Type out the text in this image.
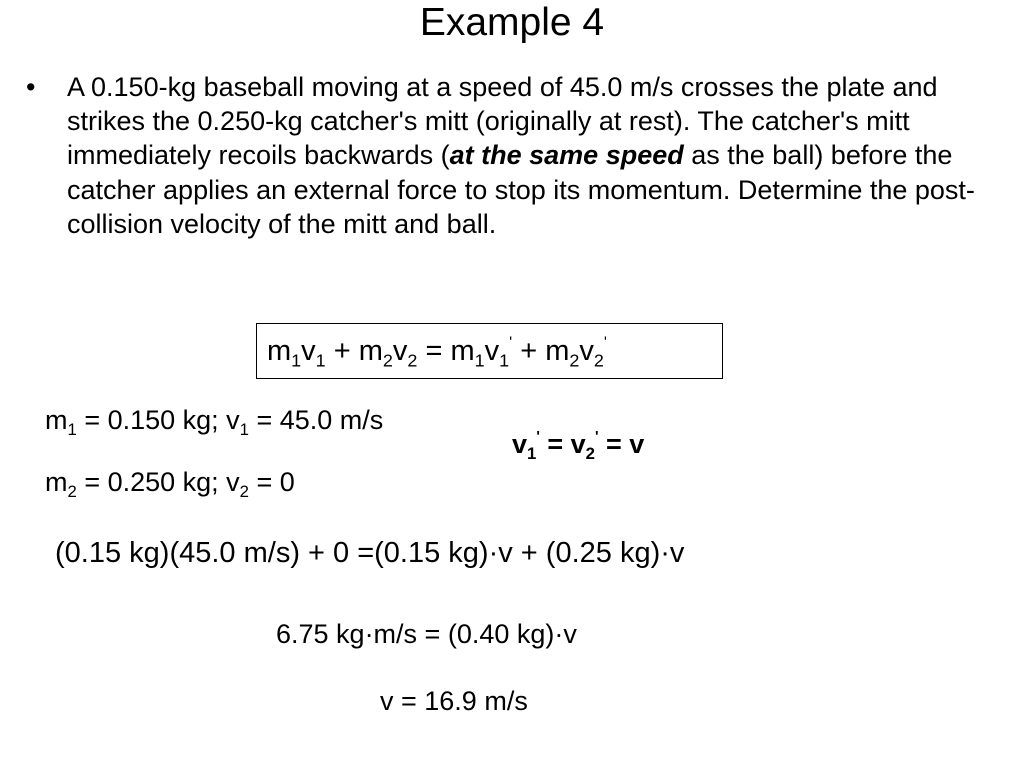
Example 4
• A 0.150-kg baseball moving at a speed of 45.0 m/s crosses the plate and strikes the 0.250-kg catcher's mitt (originally at rest). The catcher's mitt immediately recoils backwards (at the same speed as the ball) before the catcher applies an external force to stop its momentum. Determine the post-collision velocity of the mitt and ball.
$m_1v_1 + m_2v_2 = m_1v_1' + m_2v_2'$
$m_1 = 0.150$ kg; $v_1 = 45.0$ m/s
$m_2 = 0.250$ kg; $v_2 = 0$
$v_1' = v_2' = v$
(0.15 kg)(45.0 m/s) + 0 =(0.15 kg)·v + (0.25 kg)·v
6.75 kg·m/s = (0.40 kg)·v
v = 16.9 m/s
